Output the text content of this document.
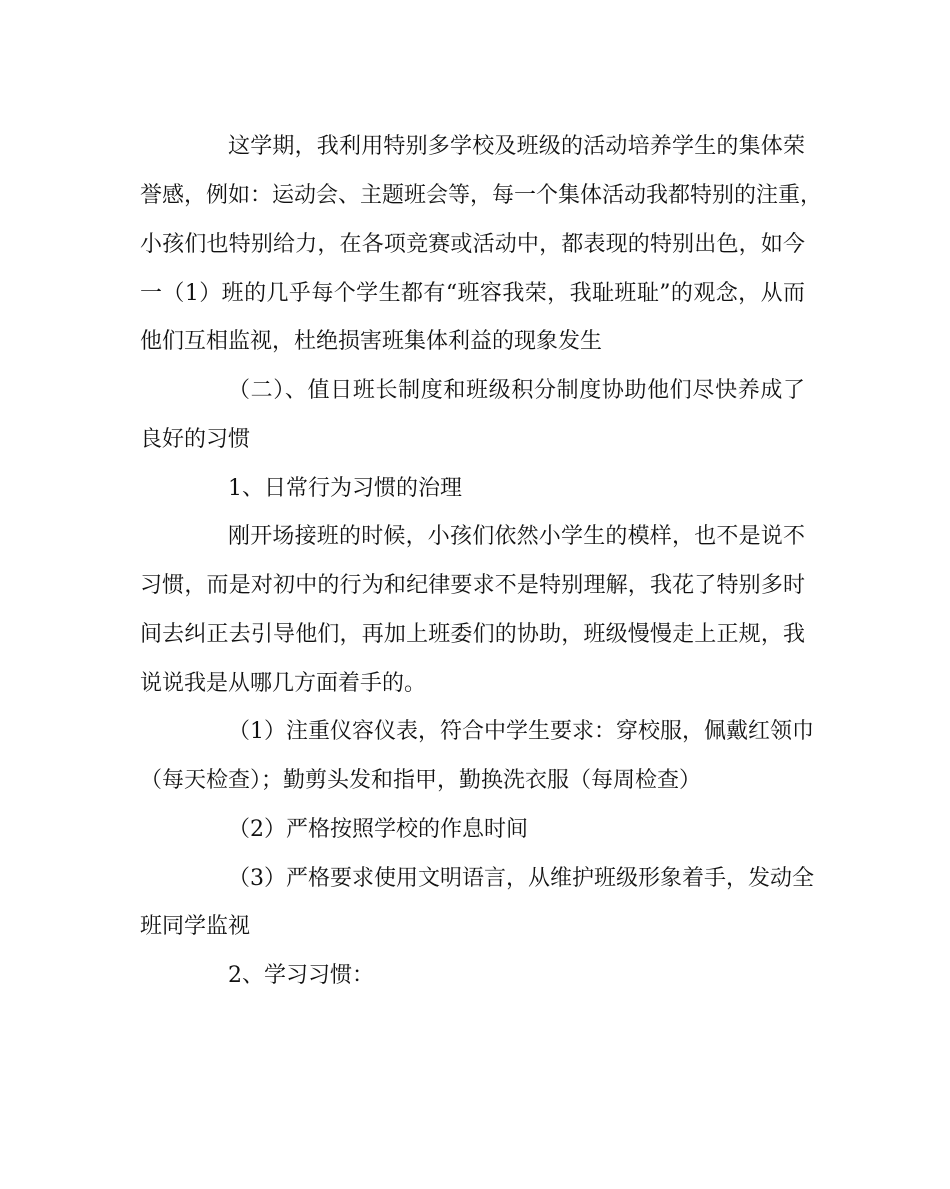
这学期，我利用特别多学校及班级的活动培养学生的集体荣
誉感，例如：运动会、主题班会等，每一个集体活动我都特别的注重，
小孩们也特别给力，在各项竞赛或活动中，都表现的特别出色，如今
一（1）班的几乎每个学生都有“班容我荣，我耻班耻”的观念，从而
他们互相监视，杜绝损害班集体利益的现象发生
（二）、值日班长制度和班级积分制度协助他们尽快养成了
良好的习惯
1、日常行为习惯的治理
刚开场接班的时候，小孩们依然小学生的模样，也不是说不
习惯，而是对初中的行为和纪律要求不是特别理解，我花了特别多时
间去纠正去引导他们，再加上班委们的协助，班级慢慢走上正规，我
说说我是从哪几方面着手的。
（1）注重仪容仪表，符合中学生要求：穿校服，佩戴红领巾
（每天检查）；勤剪头发和指甲，勤换洗衣服（每周检查）
（2）严格按照学校的作息时间
（3）严格要求使用文明语言，从维护班级形象着手，发动全
班同学监视
2、学习习惯：
